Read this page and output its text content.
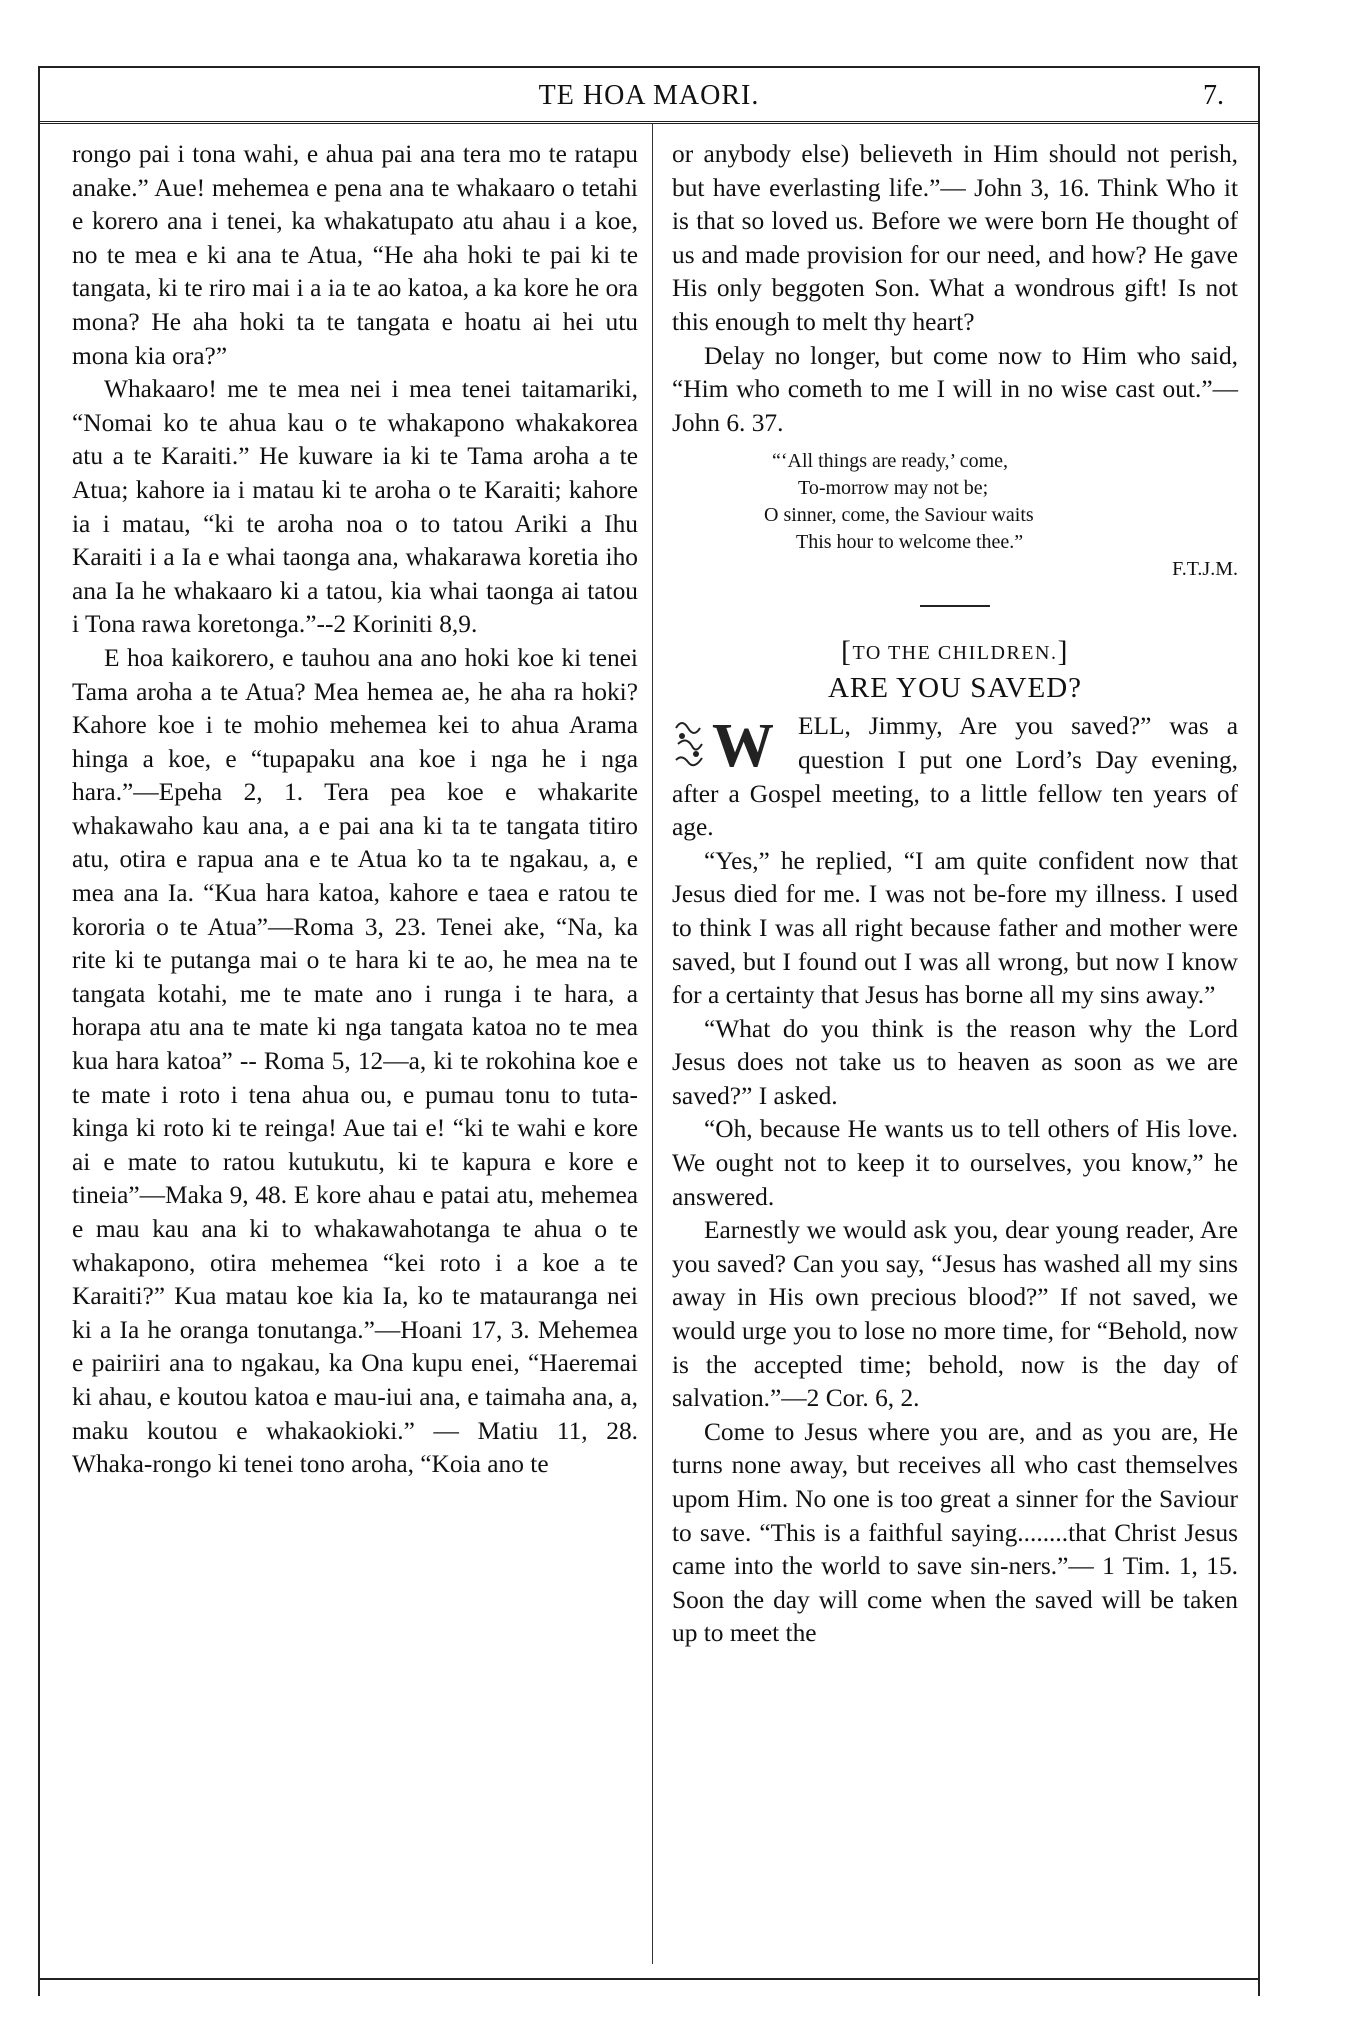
TE HOA MAORI.	7.

rongo pai i tona wahi, e ahua pai ana tera mo te ratapu anake.” Aue! mehemea e pena ana te whakaaro o tetahi e korero ana i tenei, ka whakatupato atu ahau i a koe, no te mea e ki ana te Atua, “He aha hoki te pai ki te tangata, ki te riro mai i a ia te ao katoa, a ka kore he ora mona? He aha hoki ta te tangata e hoatu ai hei utu mona kia ora?”

Whakaaro! me te mea nei i mea tenei taitamariki, “Nomai ko te ahua kau o te whakapono whakakorea atu a te Karaiti.” He kuware ia ki te Tama aroha a te Atua; kahore ia i matau ki te aroha o te Karaiti; kahore ia i matau, “ki te aroha noa o to tatou Ariki a Ihu Karaiti i a Ia e whai taonga ana, whakarawa koretia iho ana Ia he whakaaro ki a tatou, kia whai taonga ai tatou i Tona rawa koretonga.”--2 Koriniti 8,9.

E hoa kaikorero, e tauhou ana ano hoki koe ki tenei Tama aroha a te Atua? Mea hemea ae, he aha ra hoki? Kahore koe i te mohio mehemea kei to ahua Arama hinga a koe, e “tupapaku ana koe i nga he i nga hara.”—Epeha 2, 1. Tera pea koe e whakarite whakawaho kau ana, a e pai ana ki ta te tangata titiro atu, otira e rapua ana e te Atua ko ta te ngakau, a, e mea ana Ia. “Kua hara katoa, kahore e taea e ratou te kororia o te Atua”—Roma 3, 23. Tenei ake, “Na, ka rite ki te putanga mai o te hara ki te ao, he mea na te tangata kotahi, me te mate ano i runga i te hara, a horapa atu ana te mate ki nga tangata katoa no te mea kua hara katoa” -- Roma 5, 12—a, ki te rokohina koe e te mate i roto i tena ahua ou, e pumau tonu to tuta-kinga ki roto ki te reinga! Aue tai e! “ki te wahi e kore ai e mate to ratou kutukutu, ki te kapura e kore e tineia”—Maka 9, 48. E kore ahau e patai atu, mehemea e mau kau ana ki to whakawahotanga te ahua o te whakapono, otira mehemea “kei roto i a koe a te Karaiti?” Kua matau koe kia Ia, ko te matauranga nei ki a Ia he oranga tonutanga.”—Hoani 17, 3. Mehemea e pairiiri ana to ngakau, ka Ona kupu enei, “Haeremai ki ahau, e koutou katoa e mau-iui ana, e taimaha ana, a, maku koutou e whakaokioki.” — Matiu 11, 28. Whaka-rongo ki tenei tono aroha, “Koia ano te

or anybody else) believeth in Him should not perish, but have everlasting life.”— John 3, 16. Think Who it is that so loved us. Before we were born He thought of us and made provision for our need, and how? He gave His only beggoten Son. What a wondrous gift! Is not this enough to melt thy heart?

Delay no longer, but come now to Him who said, “Him who cometh to me I will in no wise cast out.”—John 6. 37.

“‘All things are ready,’ come,
To-morrow may not be;
O sinner, come, the Saviour waits
This hour to welcome thee.”
F.T.J.M.
[TO THE CHILDREN.]
ARE YOU SAVED?
W ELL, Jimmy, Are you saved?” was a question I put one Lord’s Day evening, after a Gospel meeting, to a little fellow ten years of age.

“Yes,” he replied, “I am quite confident now that Jesus died for me. I was not be-fore my illness. I used to think I was all right because father and mother were saved, but I found out I was all wrong, but now I know for a certainty that Jesus has borne all my sins away.”

“What do you think is the reason why the Lord Jesus does not take us to heaven as soon as we are saved?” I asked.

“Oh, because He wants us to tell others of His love. We ought not to keep it to ourselves, you know,” he answered.

Earnestly we would ask you, dear young reader, Are you saved? Can you say, “Jesus has washed all my sins away in His own precious blood?” If not saved, we would urge you to lose no more time, for “Behold, now is the accepted time; behold, now is the day of salvation.”—2 Cor. 6, 2.

Come to Jesus where you are, and as you are, He turns none away, but receives all who cast themselves upom Him. No one is too great a sinner for the Saviour to save. “This is a faithful saying........that Christ Jesus came into the world to save sin-ners.”— 1 Tim. 1, 15. Soon the day will come when the saved will be taken up to meet the
